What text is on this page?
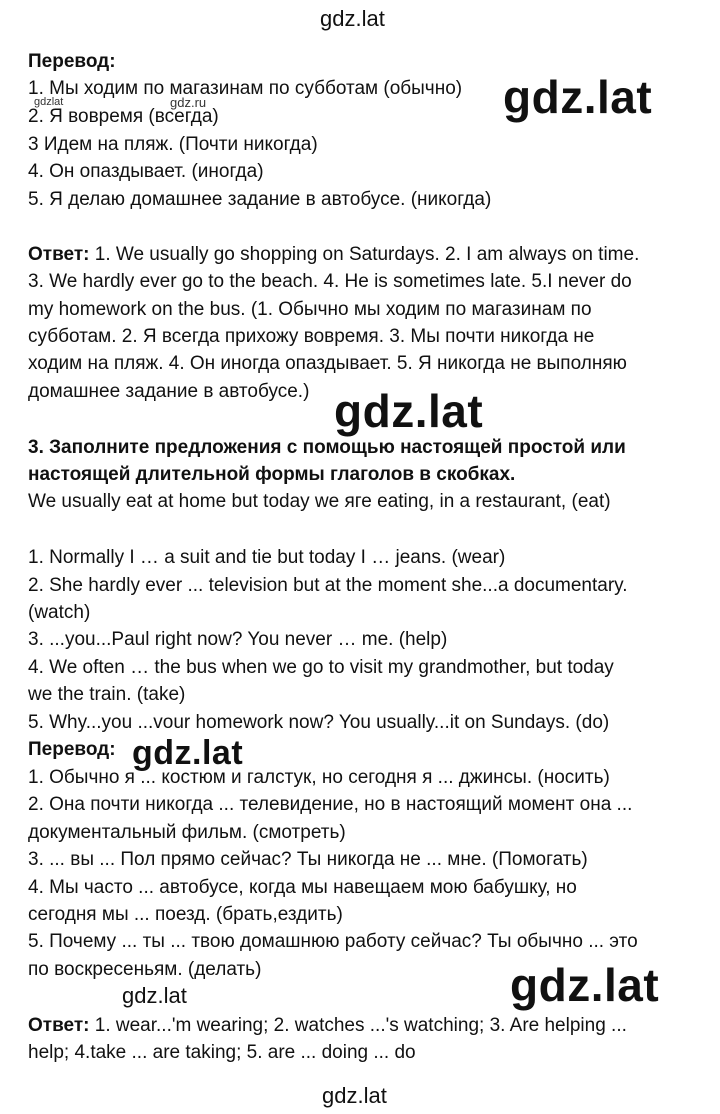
gdz.lat
gdz.lat
Перевод:
1. Мы ходим по магазинам по субботам (обычно)
2. Я вовремя (всегда)
3 Идем на пляж. (Почти никогда)
4. Он опаздывает. (иногда)
5. Я делаю домашнее задание в автобусе. (никогда)
gdzlat	gdz.ru	gdz.lat
Ответ: 1. We usually go shopping on Saturdays. 2. I am always on time.
3. We hardly ever go to the beach. 4. He is sometimes late. 5.I never do
my homework on the bus. (1. Обычно мы ходим по магазинам по
субботам. 2. Я всегда прихожу вовремя. 3. Мы почти никогда не
ходим на пляж. 4. Он иногда опаздывает. 5. Я никогда не выполняю
домашнее задание в автобусе.) gdz.lat
3. Заполните предложения с помощью настоящей простой или
настоящей длительной формы глаголов в скобках.
We usually eat at home but today we яге eating, in a restaurant, (eat)
1. Normally I … a suit and tie but today I … jeans. (wear)
2. She hardly ever ... television but at the moment she...a documentary.
(watch)
3. ...you...Paul right now? You never … me. (help)
4. We often … the bus when we go to visit my grandmother, but today
we the train. (take)
5. Why...you ...vour homework now? You usually...it on Sundays. (do)
Перевод: gdz.lat
1. Обычно я ... костюм и галстук, но сегодня я ... джинсы. (носить)
2. Она почти никогда ... телевидение, но в настоящий момент она ...
документальный фильм. (смотреть)
3. ... вы ... Пол прямо сейчас? Ты никогда не ... мне. (Помогать)
4. Мы часто ... автобусе, когда мы навещаем мою бабушку, но
сегодня мы ... поезд. (брать,ездить)
5. Почему ... ты ... твою домашнюю работу сейчас? Ты обычно ... это
по воскресеньям. (делать)
gdz.lat	gdz.lat
Ответ: 1. wear...'m wearing; 2. watches ...'s watching; 3. Are helping ...
help; 4.take ... are taking; 5. are ... doing ... do
